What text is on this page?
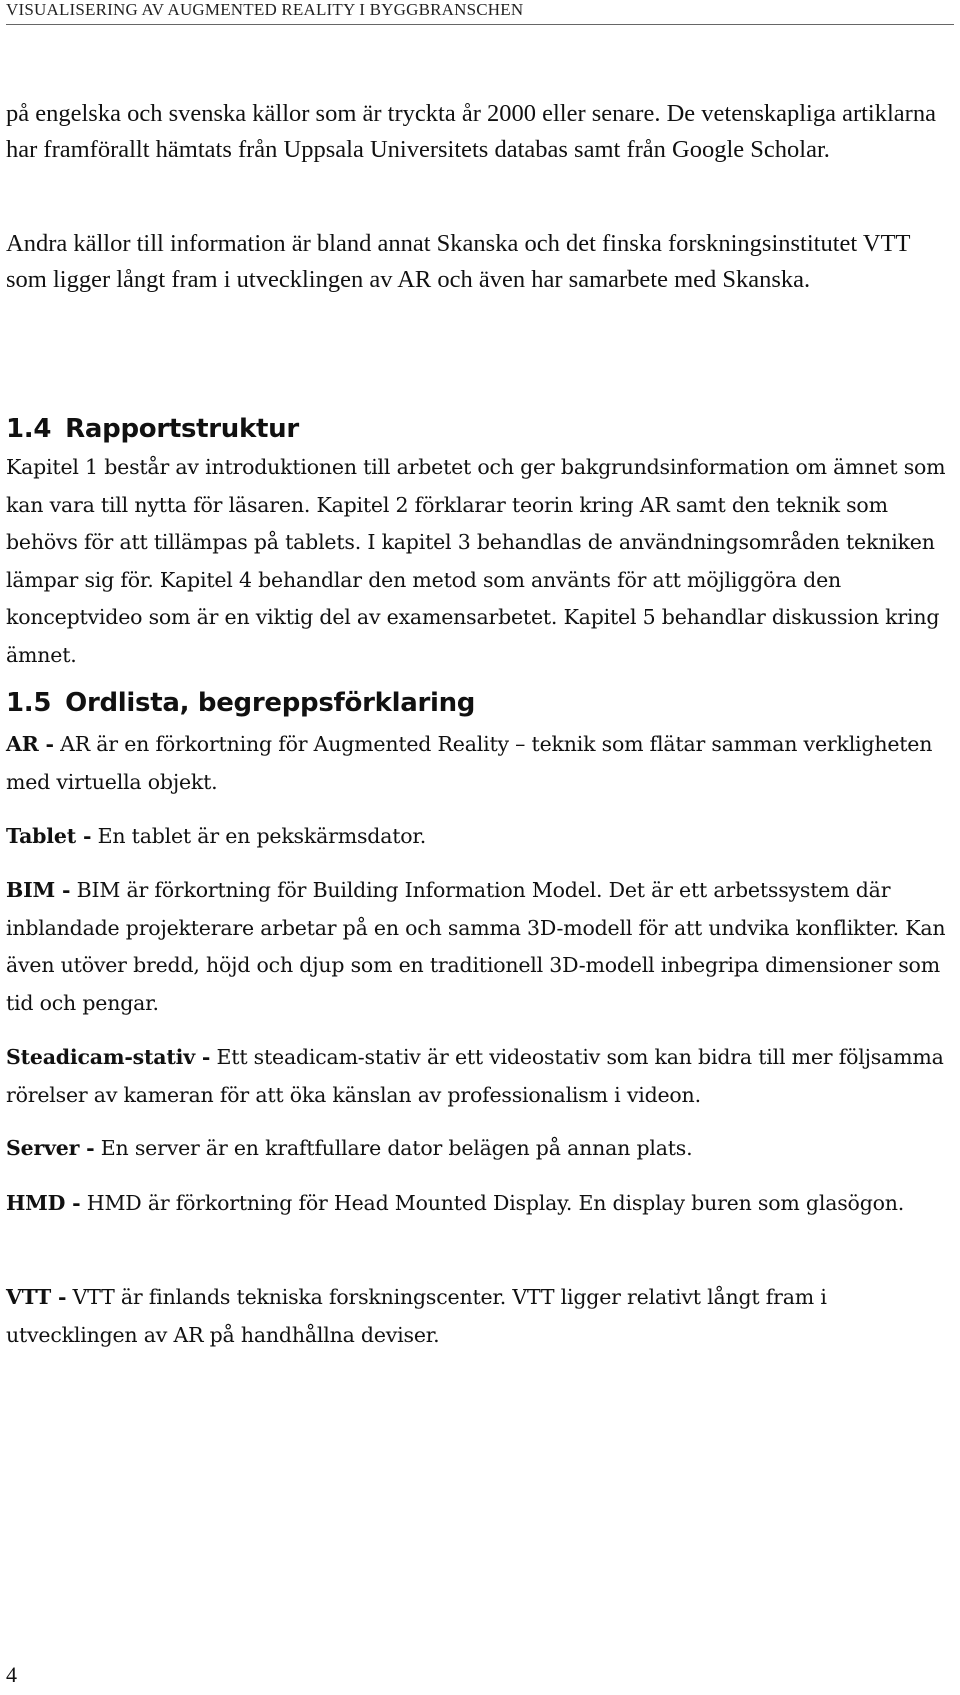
VISUALISERING AV AUGMENTED REALITY I BYGGBRANSCHEN

på engelska och svenska källor som är tryckta år 2000 eller senare. De vetenskapliga artiklarna har framförallt hämtats från Uppsala Universitets databas samt från Google Scholar.

Andra källor till information är bland annat Skanska och det finska forskningsinstitutet VTT som ligger långt fram i utvecklingen av AR och även har samarbete med Skanska.

1.4 Rapportstruktur

Kapitel 1 består av introduktionen till arbetet och ger bakgrundsinformation om ämnet som kan vara till nytta för läsaren. Kapitel 2 förklarar teorin kring AR samt den teknik som behövs för att tillämpas på tablets. I kapitel 3 behandlas de användningsområden tekniken lämpar sig för. Kapitel 4 behandlar den metod som använts för att möjliggöra den konceptvideo som är en viktig del av examensarbetet. Kapitel 5 behandlar diskussion kring ämnet.

1.5 Ordlista, begreppsförklaring

AR - AR är en förkortning för Augmented Reality – teknik som flätar samman verkligheten med virtuella objekt.

Tablet - En tablet är en pekskärmsdator.

BIM - BIM är förkortning för Building Information Model. Det är ett arbetssystem där inblandade projekterare arbetar på en och samma 3D-modell för att undvika konflikter. Kan även utöver bredd, höjd och djup som en traditionell 3D-modell inbegripa dimensioner som tid och pengar.

Steadicam-stativ - Ett steadicam-stativ är ett videostativ som kan bidra till mer följsamma rörelser av kameran för att öka känslan av professionalism i videon.

Server - En server är en kraftfullare dator belägen på annan plats.

HMD - HMD är förkortning för Head Mounted Display. En display buren som glasögon.

VTT - VTT är finlands tekniska forskningscenter. VTT ligger relativt långt fram i utvecklingen av AR på handhållna deviser.

4
